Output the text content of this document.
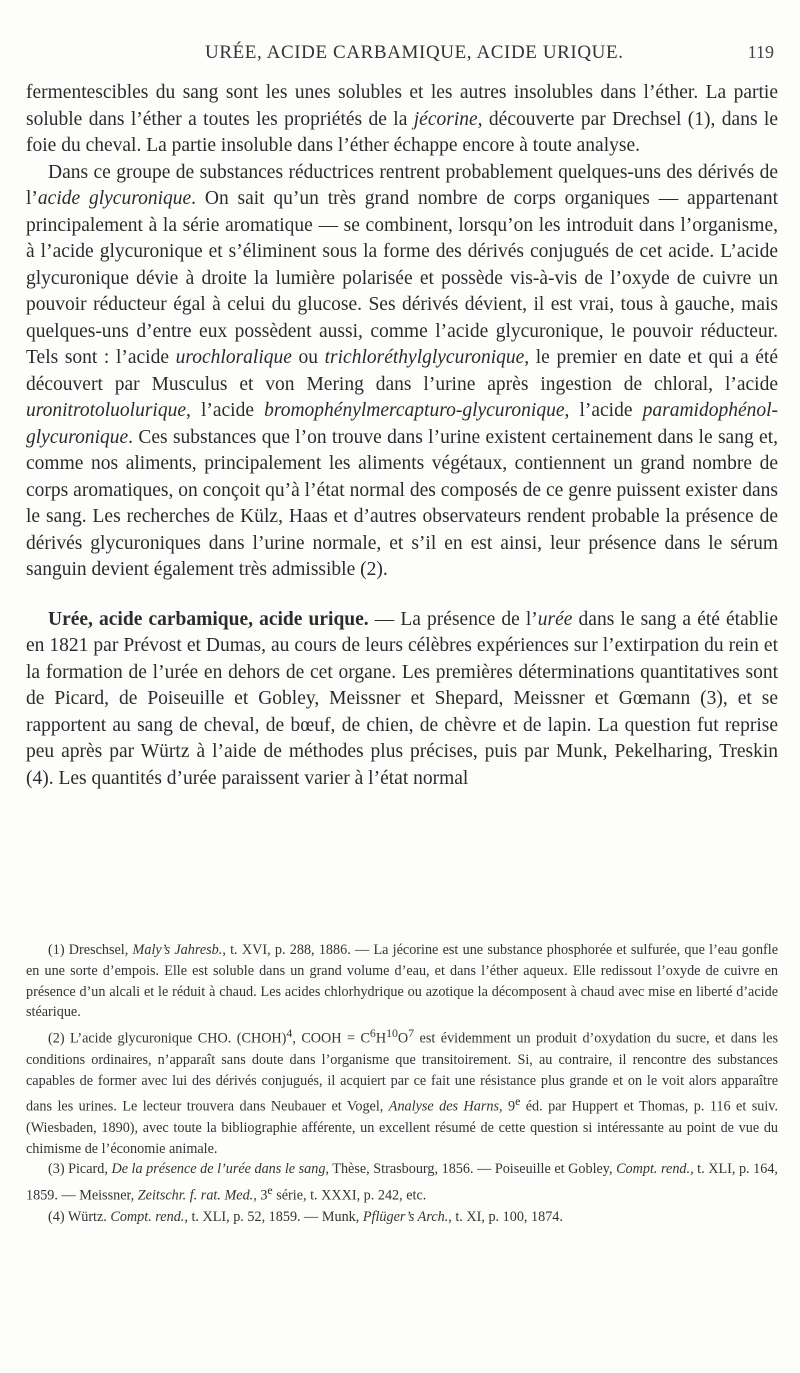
URÉE, ACIDE CARBAMIQUE, ACIDE URIQUE.	119

fermentescibles du sang sont les unes solubles et les autres insolubles dans l’éther. La partie soluble dans l’éther a toutes les propriétés de la jécorine, découverte par Drechsel (1), dans le foie du cheval. La partie insoluble dans l’éther échappe encore à toute analyse.

Dans ce groupe de substances réductrices rentrent probablement quelques-uns des dérivés de l’acide glycuronique. On sait qu’un très grand nombre de corps organiques — appartenant principalement à la série aromatique — se combinent, lorsqu’on les introduit dans l’organisme, à l’acide glycuronique et s’éliminent sous la forme des dérivés conjugués de cet acide. L’acide glycuronique dévie à droite la lumière polarisée et possède vis-à-vis de l’oxyde de cuivre un pouvoir réducteur égal à celui du glucose. Ses dérivés dévient, il est vrai, tous à gauche, mais quelques-uns d’entre eux possèdent aussi, comme l’acide glycuronique, le pouvoir réducteur. Tels sont : l’acide urochloralique ou trichloréthylglycuronique, le premier en date et qui a été découvert par Musculus et von Mering dans l’urine après ingestion de chloral, l’acide uronitrotoluolurique, l’acide bromophénylmercapturo-glycuronique, l’acide paramidophénol-glycuronique. Ces substances que l’on trouve dans l’urine existent certainement dans le sang et, comme nos aliments, principalement les aliments végétaux, contiennent un grand nombre de corps aromatiques, on conçoit qu’à l’état normal des composés de ce genre puissent exister dans le sang. Les recherches de Külz, Haas et d’autres observateurs rendent probable la présence de dérivés glycuroniques dans l’urine normale, et s’il en est ainsi, leur présence dans le sérum sanguin devient également très admissible (2).

Urée, acide carbamique, acide urique. — La présence de l’urée dans le sang a été établie en 1821 par Prévost et Dumas, au cours de leurs célèbres expériences sur l’extirpation du rein et la formation de l’urée en dehors de cet organe. Les premières déterminations quantitatives sont de Picard, de Poiseuille et Gobley, Meissner et Shepard, Meissner et Gœmann (3), et se rapportent au sang de cheval, de bœuf, de chien, de chèvre et de lapin. La question fut reprise peu après par Würtz à l’aide de méthodes plus précises, puis par Munk, Pekelharing, Treskin (4). Les quantités d’urée paraissent varier à l’état normal

(1) Dreschsel, Maly’s Jahresb., t. XVI, p. 288, 1886. — La jécorine est une substance phosphorée et sulfurée, que l’eau gonfle en une sorte d’empois. Elle est soluble dans un grand volume d’eau, et dans l’éther aqueux. Elle redissout l’oxyde de cuivre en présence d’un alcali et le réduit à chaud. Les acides chlorhydrique ou azotique la décomposent à chaud avec mise en liberté d’acide stéarique.

(2) L’acide glycuronique CHO. (CHOH)$^4$, COOH = $C^6H^{10}O^7$ est évidemment un produit d’oxydation du sucre, et dans les conditions ordinaires, n’apparaît sans doute dans l’organisme que transitoirement. Si, au contraire, il rencontre des substances capables de former avec lui des dérivés conjugués, il acquiert par ce fait une résistance plus grande et on le voit alors apparaître dans les urines. Le lecteur trouvera dans Neubauer et Vogel, Analyse des Harns, 9e éd. par Huppert et Thomas, p. 116 et suiv. (Wiesbaden, 1890), avec toute la bibliographie afférente, un excellent résumé de cette question si intéressante au point de vue du chimisme de l’économie animale.

(3) Picard, De la présence de l’urée dans le sang, Thèse, Strasbourg, 1856. — Poiseuille et Gobley, Compt. rend., t. XLI, p. 164, 1859. — Meissner, Zeitschr. f. rat. Med., 3e série, t. XXXI, p. 242, etc.

(4) Würtz. Compt. rend., t. XLI, p. 52, 1859. — Munk, Pflüger’s Arch., t. XI, p. 100, 1874.
